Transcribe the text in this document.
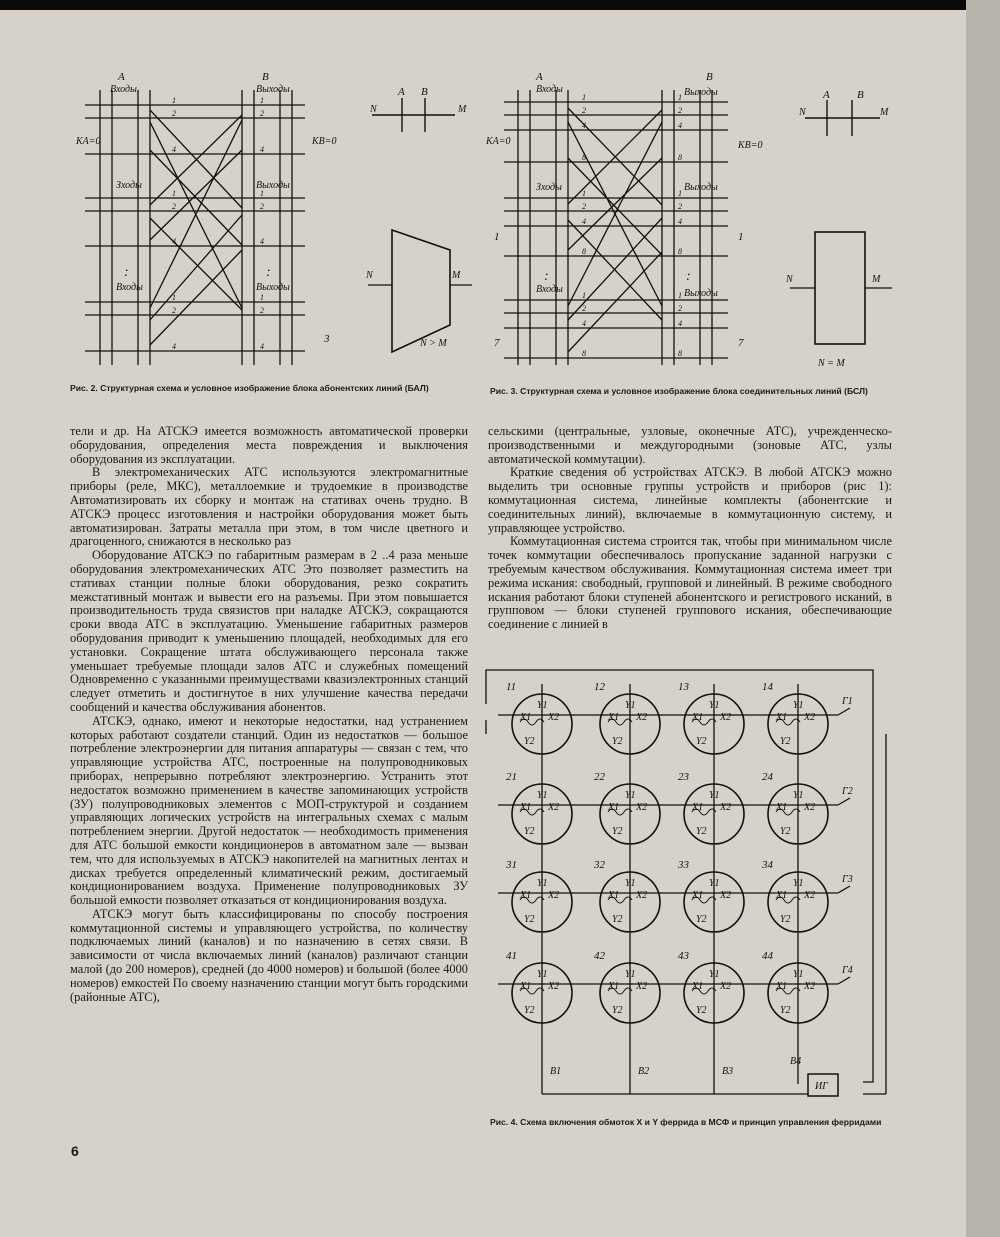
А В
N	M
N	M
N > M
А	В
Входы	Выходы
Зходы	Выходы
Входы	Выходы
KA=0	KB=0
3
1
2
4
1
2
4
1
2
4
1
2
4
1
2
4
1
2
4
:	:
Рис. 2. Структурная схема и условное изображение блока абонентских линий (БАЛ)
А В
N	M
N	M
N = M
А	В
Входы	Выходы
Зходы	Выходы
Входы	Выходы
KA=0	KB=0
1	1
7	7
1
2
4
8
1
2
4
8
1
2
4
8
1
2
4
8
1
2
4
8
1
2
4
8
:	:
Рис. 3. Структурная схема и условное изображение блока соединительных линий (БСЛ)

тели и др. На АТСКЭ имеется возможность автоматической проверки оборудования, определения места повреждения и выключения оборудования из эксплуатации.

В электромеханических АТС используются электромагнитные приборы (реле, МКС), металлоемкие и трудоемкие в производстве Автоматизировать их сборку и монтаж на стативах очень трудно. В АТСКЭ процесс изготовления и настройки оборудования может быть автоматизирован. Затраты металла при этом, в том числе цветного и драгоценного, снижаются в несколько раз

Оборудование АТСКЭ по габаритным размерам в 2 ..4 раза меньше оборудования электромеханических АТС Это позволяет разместить на стативах станции полные блоки оборудования, резко сократить межстативный монтаж и вывести его на разъемы. При этом повышается производительность труда связистов при наладке АТСКЭ, сокращаются сроки ввода АТС в эксплуатацию. Уменьшение габаритных размеров оборудования приводит к уменьшению площадей, необходимых для его установки. Сокращение штата обслуживающего персонала также уменьшает требуемые площади залов АТС и служебных помещений Одновременно с указанными преимуществами квазиэлектронных станций следует отметить и достигнутое в них улучшение качества передачи сообщений и качества обслуживания абонентов.

АТСКЭ, однако, имеют и некоторые недостатки, над устранением которых работают создатели станций. Один из недостатков — большое потребление электроэнергии для питания аппаратуры — связан с тем, что управляющие устройства АТС, построенные на полупроводниковых приборах, непрерывно потребляют электроэнергию. Устранить этот недостаток возможно применением в качестве запоминающих устройств (ЗУ) полупроводниковых элементов с МОП-структурой и созданием управляющих логических устройств на интегральных схемах с малым потреблением энергии. Другой недостаток — необходимость применения для АТС большой емкости кондиционеров в автоматном зале — вызван тем, что для используемых в АТСКЭ накопителей на магнитных лентах и дисках требуется определенный климатический режим, достигаемый кондиционированием воздуха. Применение полупроводниковых ЗУ большой емкости позволяет отказаться от кондиционирования воздуха.

АТСКЭ могут быть классифицированы по способу построения коммутационной системы и управляющего устройства, по количеству подключаемых линий (каналов) и по назначению в сетях связи. В зависимости от числа включаемых линий (каналов) различают станции малой (до 200 номеров), средней (до 4000 номеров) и большой (более 4000 номеров) емкостей По своему назначению станции могут быть городскими (районные АТС),

сельскими (центральные, узловые, оконечные АТС), учрежденческо-производственными и междугородными (зоновые АТС, узлы автоматической коммутации).

Краткие сведения об устройствах АТСКЭ. В любой АТСКЭ можно выделить три основные группы устройств и приборов (рис 1): коммутационная система, линейные комплекты (абонентские и соединительных линий), включаемые в коммутационную систему, и управляющее устройство.

Коммутационная система строится так, чтобы при минимальном числе точек коммутации обеспечивалось пропускание заданной нагрузки с требуемым качеством обслуживания. Коммутационная система имеет три режима искания: свободный, групповой и линейный. В режиме свободного искания работают блоки ступеней абонентского и регистрового исканий, в групповом — блоки ступеней группового искания, обеспечивающие соединение с линией в

11
X1 X2
Y1
Y2
12
X1 X2
Y1
Y2
13
X1 X2
Y1
Y2
14
X1 X2
Y1
Y2
21
X1 X2
Y1
Y2
22
X1 X2
Y1
Y2
23
X1 X2
Y1
Y2
24
X1 X2
Y1
Y2
31
X1 X2
Y1
Y2
32
X1 X2
Y1
Y2
33
X1 X2
Y1
Y2
34
X1 X2
Y1
Y2
41
X1 X2
Y1
Y2
42
X1 X2
Y1
Y2
43
X1 X2
Y1
Y2
44
X1 X2
Y1
Y2
Г1
Г2
Г3
Г4
В1	В2	В3
В4
ИГ
Рис. 4. Схема включения обмоток X и Y феррида в МСФ и принцип управления ферридами
6
